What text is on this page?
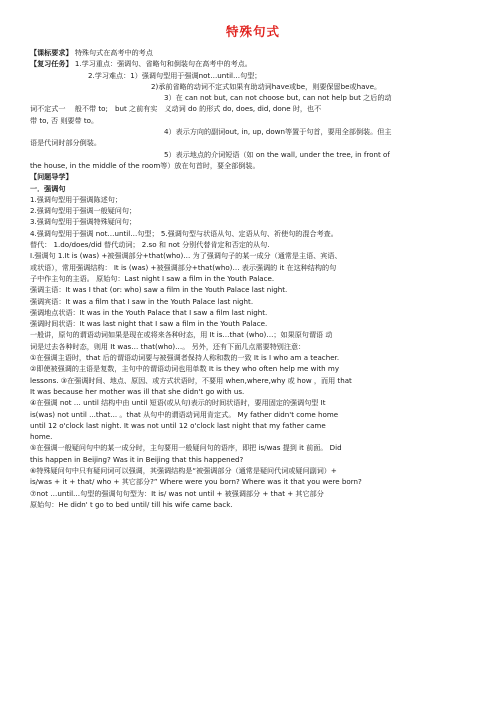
特殊句式
【课标要求】 特殊句式在高考中的考点
【复习任务】 1.学习重点：强调句、省略句和倒装句在高考中的考点。
2.学习难点：1）强调句型用于强调not…until…句型；
2)承前省略的动词不定式如果有助动词have或be，则要保留be或have。
3）在 can not but, can not choose but, can not help but 之后的动
词不定式一　 般不带 to;　but 之前有实　义动词 do 的形式 do, does, did, done 时，也不
带 to, 否 则要带 to。
4）表示方向的副词out, in, up, down等置于句首，要用全部倒装。但主
语是代词时部分倒装。
5）表示地点的介词短语（如 on the wall, under the tree, in front of
the house, in the middle of the room等）放在句首时，要全部倒装。
【问题导学】
一．强调句
1.强调句型用于强调陈述句；
2.强调句型用于强调一般疑问句；
3.强调句型用于强调特殊疑问句；
4.强调句型用于强调 not…until…句型； 5.强调句型与状语从句、定语从句、祈使句的混合考查。
替代： 1.do/does/did 替代动词； 2.so 和 not 分别代替肯定和否定的从句.
Ⅰ.强调句 1.It is (was) +被强调部分+that(who)… 为了强调句子的某一成分（通常是主语、宾语、
或状语），常用强调结构： It is (was) +被强调部分+that(who)… 表示强调的 it 在这种结构的句
子中作主句的主语。 原始句：Last night I saw a film in the Youth Palace.
强调主语：It was I that (or: who) saw a film in the Youth Palace last night.
强调宾语：It was a film that I saw in the Youth Palace last night.
强调地点状语：It was in the Youth Palace that I saw a film last night.
强调时间状语：It was last night that I saw a film in the Youth Palace.
一般讲，原句的谓语动词如果是现在或将来各种时态，用 It is…that (who)…；如果原句谓语 动
词是过去各种时态，则用 It was… that(who)…。 另外，还有下面几点需要特别注意：
①在强调主语时，that 后的谓语动词要与被强调者保持人称和数的一致 It is I who am a teacher.
②即使被强调的主语是复数，主句中的谓语动词也用单数 It is they who often help me with my
lessons. ③在强调时间、地点、原因、或方式状语时，不要用 when,where,why 或 how ，而用 that
It was because her mother was ill that she didn't go with us.
④在强调 not … until 结构中由 until 短语(或从句)表示的时间状语时，要用固定的强调句型 It
is(was) not until ...that... 。that 从句中的谓语动词用肯定式。 My father didn't come home
until 12 o'clock last night. It was not until 12 o'clock last night that my father came
home.
⑤在强调一般疑问句中的某一成分时，主句要用一般疑问句的语序，即把 is/was 提到 it 前面。 Did
this happen in Beijing? Was it in Beijing that this happened?
⑥特殊疑问句中只有疑问词可以强调，其强调结构是“被强调部分（通常是疑问代词或疑问副词）+
is/was + it + that/ who + 其它部分?” Where were you born? Where was it that you were born?
⑦not …until…句型的强调句句型为：It is/ was not until + 被强调部分 + that + 其它部分
原始句：He didn' t go to bed until/ till his wife came back.
